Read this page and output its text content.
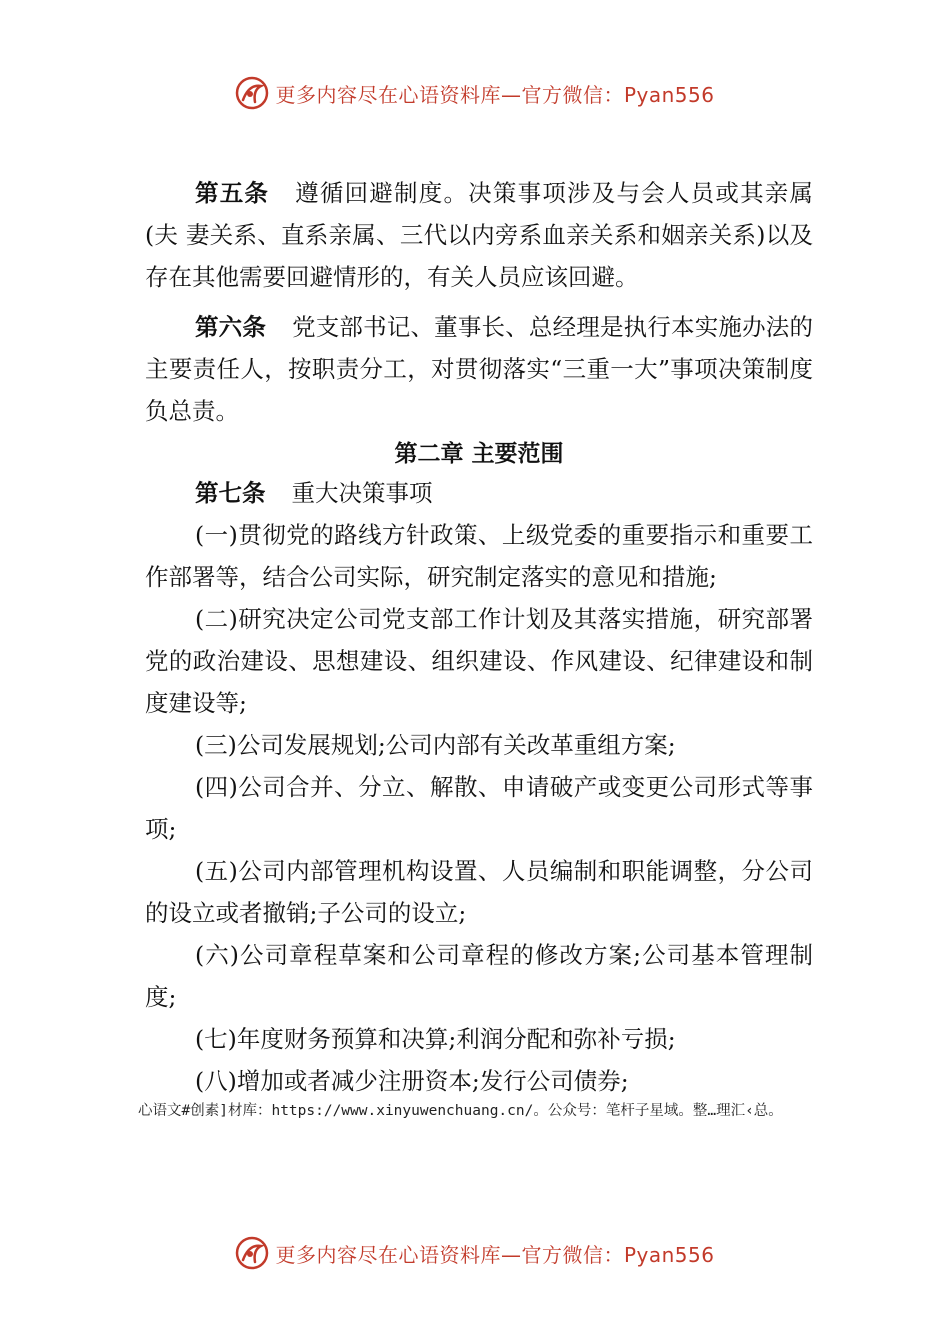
更多内容尽在心语资料库—官方微信：Pyan556

第五条 遵循回避制度。决策事项涉及与会人员或其亲属(夫 妻关系、直系亲属、三代以内旁系血亲关系和姻亲关系)以及存在其他需要回避情形的，有关人员应该回避。

第六条 党支部书记、董事长、总经理是执行本实施办法的主要责任人，按职责分工，对贯彻落实“三重一大”事项决策制度负总责。

第二章 主要范围

第七条 重大决策事项

(一)贯彻党的路线方针政策、上级党委的重要指示和重要工作部署等，结合公司实际，研究制定落实的意见和措施;

(二)研究决定公司党支部工作计划及其落实措施，研究部署党的政治建设、思想建设、组织建设、作风建设、纪律建设和制度建设等;

(三)公司发展规划;公司内部有关改革重组方案;

(四)公司合并、分立、解散、申请破产或变更公司形式等事项;

(五)公司内部管理机构设置、人员编制和职能调整，分公司 的设立或者撤销;子公司的设立;

(六)公司章程草案和公司章程的修改方案;公司基本管理制度;

(七)年度财务预算和决算;利润分配和弥补亏损;

(八)增加或者减少注册资本;发行公司债券;

心语文#创素]材库：https://www.xinyuwenchuang.cn/。公众号：笔杆子星域。整…理汇‹总。
更多内容尽在心语资料库—官方微信：Pyan556
